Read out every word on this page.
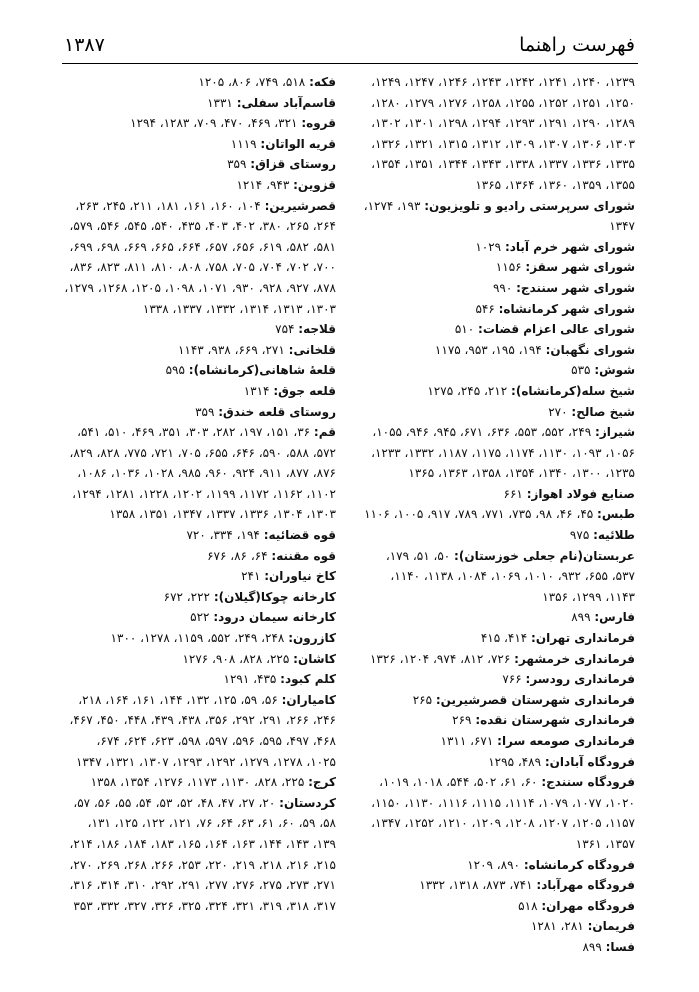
فهرست راهنما
۱۳۸۷

۱۲۳۹، ۱۲۴۰، ۱۲۴۱، ۱۲۴۲، ۱۲۴۳، ۱۲۴۶، ۱۲۴۷، ۱۲۴۹، ۱۲۵۰، ۱۲۵۱، ۱۲۵۲، ۱۲۵۵، ۱۲۵۸، ۱۲۷۶، ۱۲۷۹، ۱۲۸۰، ۱۲۸۹، ۱۲۹۰، ۱۲۹۱، ۱۲۹۳، ۱۲۹۴، ۱۲۹۸، ۱۳۰۱، ۱۳۰۲، ۱۳۰۳، ۱۳۰۶، ۱۳۰۷، ۱۳۰۹، ۱۳۱۲، ۱۳۱۵، ۱۳۲۱، ۱۳۲۶، ۱۳۳۵، ۱۳۳۶، ۱۳۳۷، ۱۳۳۸، ۱۳۴۳، ۱۳۴۴، ۱۳۵۱، ۱۳۵۴، ۱۳۵۵، ۱۳۵۹، ۱۳۶۰، ۱۳۶۴، ۱۳۶۵

شورای سرپرستی رادیو و تلویزیون: ۱۹۳، ۱۲۷۴، ۱۳۴۷

شورای شهر خرم آباد: ۱۰۲۹

شورای شهر سقز: ۱۱۵۶

شورای شهر سنندج: ۹۹۰

شورای شهر کرمانشاه: ۵۴۶

شورای عالی اعزام قضات: ۵۱۰

شورای نگهبان: ۱۹۴، ۱۹۵، ۹۵۳، ۱۱۷۵

شوش: ۵۳۵

شیخ سله(کرمانشاه): ۲۱۲، ۲۴۵، ۱۲۷۵

شیخ صالح: ۲۷۰

شیراز: ۲۴۹، ۵۵۲، ۵۵۳، ۶۳۶، ۶۷۱، ۹۴۵، ۹۴۶، ۱۰۵۵، ۱۰۵۶، ۱۰۹۳، ۱۱۳۰، ۱۱۷۴، ۱۱۷۵، ۱۱۸۷، ۱۳۳۲، ۱۲۳۳، ۱۲۳۵، ۱۳۰۰، ۱۳۴۰، ۱۳۵۴، ۱۳۵۸، ۱۳۶۳، ۱۳۶۵

صنایع فولاد اهواز: ۶۶۱

طبس: ۴۵، ۴۶، ۹۸، ۷۳۵، ۷۷۱، ۷۸۹، ۹۱۷، ۱۰۰۵، ۱۱۰۶

طلائیه: ۹۷۵

عربستان(نام جعلی خوزستان): ۵۰، ۵۱، ۱۷۹، ۵۳۷، ۶۵۵، ۹۳۲، ۱۰۱۰، ۱۰۶۹، ۱۰۸۴، ۱۱۳۸، ۱۱۴۰، ۱۱۴۳، ۱۲۹۹، ۱۳۵۶

فارس: ۸۹۹

فرمانداری تهران: ۴۱۴، ۴۱۵

فرمانداری خرمشهر: ۷۲۶، ۸۱۲، ۹۷۴، ۱۲۰۴، ۱۳۲۶

فرمانداری رودسر: ۷۶۶

فرمانداری شهرستان قصرشیرین: ۲۶۵

فرمانداری شهرستان نقده: ۲۶۹

فرمانداری صومعه سرا: ۶۷۱، ۱۳۱۱

فرودگاه آبادان: ۴۸۹، ۱۲۹۵

فرودگاه سنندج: ۶۰، ۶۱، ۵۰۲، ۵۴۴، ۱۰۱۸، ۱۰۱۹، ۱۰۲۰، ۱۰۷۷، ۱۰۷۹، ۱۱۱۴، ۱۱۱۵، ۱۱۱۶، ۱۱۳۰، ۱۱۵۰، ۱۱۵۷، ۱۲۰۵، ۱۲۰۷، ۱۲۰۸، ۱۲۰۹، ۱۲۱۰، ۱۲۵۲، ۱۳۴۷، ۱۳۵۷، ۱۳۶۱

فرودگاه کرمانشاه: ۸۹۰، ۱۲۰۹

فرودگاه مهرآباد: ۷۴۱، ۸۷۳، ۱۳۱۸، ۱۳۳۲

فرودگاه مهران: ۵۱۸

فریمان: ۲۸۱، ۱۲۸۱

فسا: ۸۹۹

فکه: ۵۱۸، ۷۴۹، ۸۰۶، ۱۲۰۵

قاسم‌آباد سفلی: ۱۳۳۱

قروه: ۳۲۱، ۴۶۹، ۴۷۰، ۷۰۹، ۱۲۸۳، ۱۲۹۴

قریه الواتان: ۱۱۱۹

روستای قزاق: ۳۵۹

قزوین: ۹۴۳، ۱۲۱۴

قصرشیرین: ۱۰۴، ۱۶۰، ۱۶۱، ۱۸۱، ۲۱۱، ۲۴۵، ۲۶۳، ۲۶۴، ۲۶۵، ۳۸۰، ۴۰۲، ۴۰۳، ۴۳۵، ۵۴۰، ۵۴۵، ۵۴۶، ۵۷۹، ۵۸۱، ۵۸۲، ۶۱۹، ۶۵۶، ۶۵۷، ۶۶۴، ۶۶۵، ۶۶۹، ۶۹۸، ۶۹۹، ۷۰۰، ۷۰۲، ۷۰۴، ۷۰۵، ۷۵۸، ۸۰۸، ۸۱۰، ۸۱۱، ۸۲۳، ۸۳۶، ۸۷۸، ۹۲۷، ۹۲۸، ۹۳۰، ۱۰۷۱، ۱۰۹۸، ۱۲۰۵، ۱۲۶۸، ۱۲۷۹، ۱۳۰۳، ۱۳۱۳، ۱۳۱۴، ۱۳۳۲، ۱۳۳۷، ۱۳۳۸

قلاجه: ۷۵۴

قلخانی: ۲۷۱، ۶۶۹، ۹۳۸، ۱۱۴۳

قلعهٔ شاهانی(کرمانشاه): ۵۹۵

قلعه جوق: ۱۳۱۴

روستای قلعه خندق: ۳۵۹

قم: ۳۶، ۱۵۱، ۱۹۷، ۲۸۲، ۳۰۳، ۳۵۱، ۴۶۹، ۵۱۰، ۵۴۱، ۵۷۲، ۵۸۸، ۵۹۰، ۶۴۶، ۶۵۵، ۷۰۵، ۷۲۱، ۷۷۵، ۸۲۸، ۸۲۹، ۸۷۶، ۸۷۷، ۹۱۱، ۹۲۴، ۹۶۰، ۹۸۵، ۱۰۲۸، ۱۰۳۶، ۱۰۸۶، ۱۱۰۲، ۱۱۶۲، ۱۱۷۲، ۱۱۹۹، ۱۲۰۲، ۱۲۲۸، ۱۲۸۱، ۱۲۹۴، ۱۳۰۳، ۱۳۰۴، ۱۳۳۶، ۱۳۳۷، ۱۳۴۷، ۱۳۵۱، ۱۳۵۸

قوه قضائیه: ۱۹۴، ۳۳۴، ۷۲۰

قوه مقننه: ۶۴، ۸۶، ۶۷۶

کاخ نیاوران: ۲۴۱

کارخانه چوکا(گیلان): ۲۲۲، ۶۷۲

کارخانه سیمان درود: ۵۲۲

کازرون: ۲۴۸، ۲۴۹، ۵۵۲، ۱۱۵۹، ۱۲۷۸، ۱۳۰۰

کاشان: ۲۲۵، ۸۲۸، ۹۰۸، ۱۲۷۶

کلم کبود: ۴۳۵، ۱۲۹۱

کامیاران: ۵۶، ۵۹، ۱۲۵، ۱۳۲، ۱۴۴، ۱۶۱، ۱۶۴، ۲۱۸، ۲۴۶، ۲۶۶، ۲۹۱، ۲۹۲، ۳۵۶، ۴۳۸، ۴۳۹، ۴۴۸، ۴۵۰، ۴۶۷، ۴۶۸، ۴۹۷، ۵۹۵، ۵۹۶، ۵۹۷، ۵۹۸، ۶۲۳، ۶۲۴، ۶۷۴، ۱۰۲۵، ۱۲۷۸، ۱۲۷۹، ۱۲۹۲، ۱۲۹۳، ۱۳۰۷، ۱۳۲۱، ۱۳۴۷

کرج: ۲۲۵، ۸۲۸، ۱۱۳۰، ۱۱۷۳، ۱۲۷۶، ۱۳۵۴، ۱۳۵۸

کردستان: ۲۰، ۲۷، ۴۷، ۴۸، ۵۲، ۵۳، ۵۴، ۵۵، ۵۶، ۵۷، ۵۸، ۵۹، ۶۰، ۶۱، ۶۳، ۶۴، ۷۶، ۱۲۱، ۱۲۲، ۱۲۵، ۱۳۱، ۱۳۹، ۱۴۳، ۱۴۴، ۱۶۳، ۱۶۴، ۱۶۵، ۱۸۳، ۱۸۴، ۱۸۶، ۲۱۴، ۲۱۵، ۲۱۶، ۲۱۸، ۲۱۹، ۲۲۰، ۲۵۳، ۲۶۶، ۲۶۸، ۲۶۹، ۲۷۰، ۲۷۱، ۲۷۳، ۲۷۵، ۲۷۶، ۲۷۷، ۲۹۱، ۲۹۲، ۳۱۰، ۳۱۴، ۳۱۶، ۳۱۷، ۳۱۸، ۳۱۹، ۳۲۱، ۳۲۴، ۳۲۵، ۳۲۶، ۳۲۷، ۳۳۲، ۳۵۳
